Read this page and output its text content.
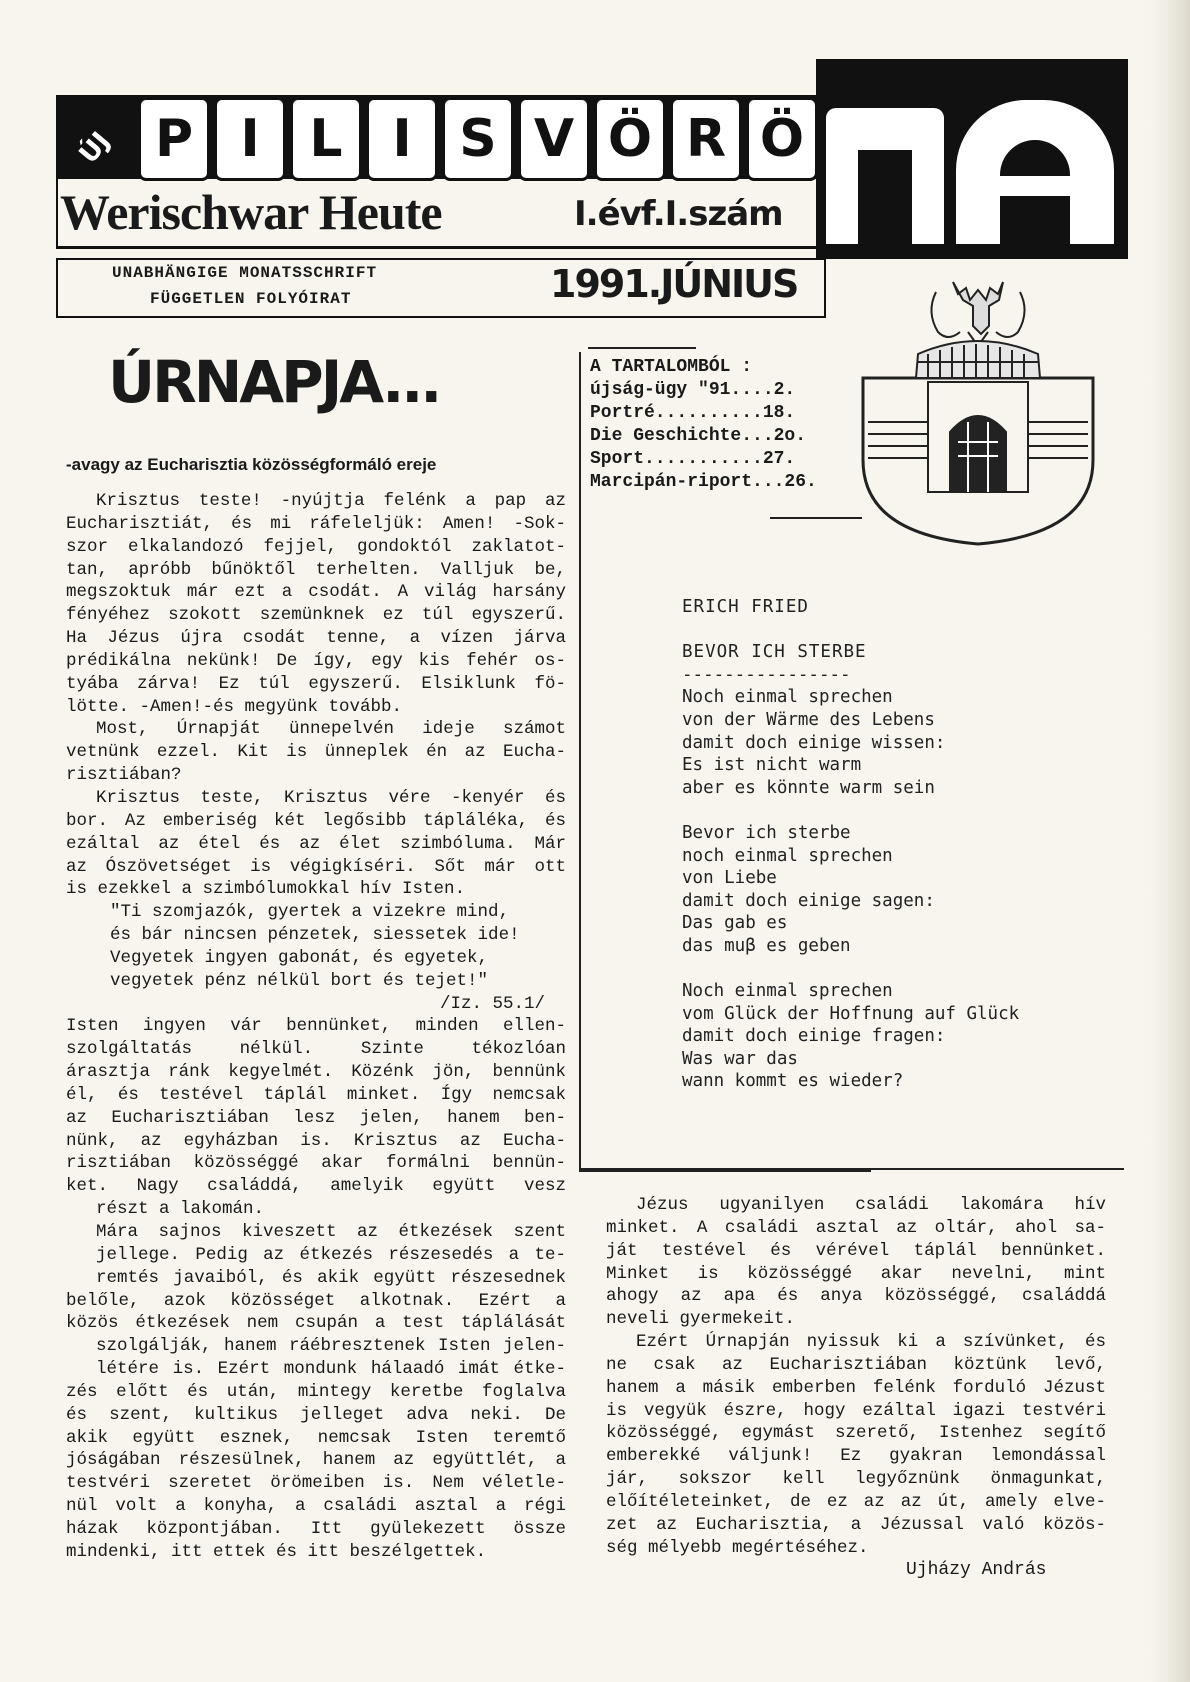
ÚJ P I L I S V Ö R Ö
Werischwar Heute	I.évf.I.szám
UNABHÄNGIGE MONATSSCHRIFT
FÜGGETLEN FOLYÓIRAT	1991.JÚNIUS
ÚRNAPJA...
-avagy az Eucharisztia közösségformáló ereje
A TARTALOMBÓL :
újság-ügy "91....2.
Portré..........18.
Die Geschichte...2o.
Sport...........27.
Marcipán-riport...26.
ERICH FRIED
BEVOR ICH STERBE
----------------
Noch einmal sprechen
von der Wärme des Lebens
damit doch einige wissen:
Es ist nicht warm
aber es könnte warm sein
Bevor ich sterbe
noch einmal sprechen
von Liebe
damit doch einige sagen:
Das gab es
das muβ es geben
Noch einmal sprechen
vom Glück der Hoffnung auf Glück
damit doch einige fragen:
Was war das
wann kommt es wieder?
Krisztus teste! -nyújtja felénk a pap az
Eucharisztiát, és mi ráfeleljük: Amen! -Sok-
szor elkalandozó fejjel, gondoktól zaklatot-
tan, apróbb bűnöktől terhelten. Valljuk be,
megszoktuk már ezt a csodát. A világ harsány
fényéhez szokott szemünknek ez túl egyszerű.
Ha Jézus újra csodát tenne, a vízen járva
prédikálna nekünk! De így, egy kis fehér os-
tyába zárva! Ez túl egyszerű. Elsiklunk fö-
lötte. -Amen!-és megyünk tovább.
Most, Úrnapját ünnepelvén ideje számot
vetnünk ezzel. Kit is ünneplek én az Eucha-
risztiában?
Krisztus teste, Krisztus vére -kenyér és
bor. Az emberiség két legősibb tápláléka, és
ezáltal az étel és az élet szimbóluma. Már
az Ószövetséget is végigkíséri. Sőt már ott
is ezekkel a szimbólumokkal hív Isten.
"Ti szomjazók, gyertek a vizekre mind,
és bár nincsen pénzetek, siessetek ide!
Vegyetek ingyen gabonát, és egyetek,
vegyetek pénz nélkül bort és tejet!"
/Iz. 55.1/
Isten ingyen vár bennünket, minden ellen-
szolgáltatás nélkül. Szinte tékozlóan
árasztja ránk kegyelmét. Közénk jön, bennünk
él, és testével táplál minket. Így nemcsak
az Eucharisztiában lesz jelen, hanem ben-
nünk, az egyházban is. Krisztus az Eucha-
risztiában közösséggé akar formálni bennün-
ket. Nagy családdá, amelyik együtt vesz
részt a lakomán.
Mára sajnos kiveszett az étkezések szent
jellege. Pedig az étkezés részesedés a te-
remtés javaiból, és akik együtt részesednek
belőle, azok közösséget alkotnak. Ezért a
közös étkezések nem csupán a test táplálását
szolgálják, hanem ráébresztenek Isten jelen-
létére is. Ezért mondunk hálaadó imát étke-
zés előtt és után, mintegy keretbe foglalva
és szent, kultikus jelleget adva neki. De
akik együtt esznek, nemcsak Isten teremtő
jóságában részesülnek, hanem az együttlét, a
testvéri szeretet örömeiben is. Nem véletle-
nül volt a konyha, a családi asztal a régi
házak központjában. Itt gyülekezett össze
mindenki, itt ettek és itt beszélgettek.
Jézus ugyanilyen családi lakomára hív
minket. A családi asztal az oltár, ahol sa-
ját testével és vérével táplál bennünket.
Minket is közösséggé akar nevelni, mint
ahogy az apa és anya közösséggé, családdá
neveli gyermekeit.
Ezért Úrnapján nyissuk ki a szívünket, és
ne csak az Eucharisztiában köztünk levő,
hanem a másik emberben felénk forduló Jézust
is vegyük észre, hogy ezáltal igazi testvéri
közösséggé, egymást szerető, Istenhez segítő
emberekké váljunk! Ez gyakran lemondással
jár, sokszor kell legyőznünk önmagunkat,
előítéleteinket, de ez az az út, amely elve-
zet az Eucharisztia, a Jézussal való közös-
ség mélyebb megértéséhez.
Ujházy András
